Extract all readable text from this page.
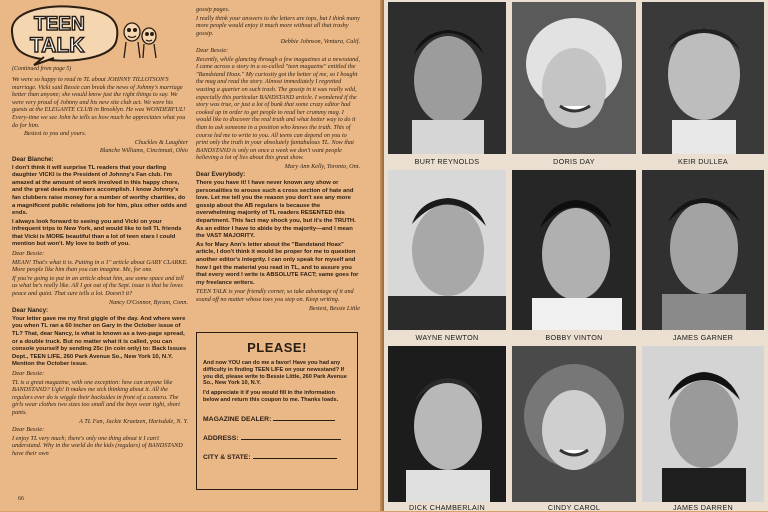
TEEN
TALK
(Continued from page 5)

We were so happy to read in TL about JOHNNY TILLOTSON'S marriage. Vicki said Bessie can break the news of Johnny's marriage better than anyone; she would know just the right things to say. We were very proud of Johnny and his new site club act. We were his guests at the ELEGANTE CLUB in Brooklyn. He was WONDERFUL! Every-time we see John he tells us how much he appreciates what you do for him.

Bestest to you and yours.

Chuckles & Laughter

Blanche Williams, Cincinnati, Ohio

Dear Blanche:

I don't think it will surprise TL readers that your darling daughter VICKI is the President of Johnny's Fan club. I'm amazed at the amount of work involved in this happy chore, and the great deeds members accomplish. I know Johnny's fan clubbers raise money for a number of worthy charities, do a magnificent public relations job for him, plus other odds and ends.

I always look forward to seeing you and Vicki on your infrequent trips to New York, and would like to tell TL friends that Vicki is MORE beautiful than a lot of teen stars I could mention but won't. My love to both of you.

Dear Bessie:

MEAN! That's what it is. Putting in a 1" article about GARY CLARKE. More people like him than you can imagine. Me, for one.

If you're going to put in an article about him, use some space and tell us what he's really like. All I got out of the Sept. issue is that he loves peace and quiet. That sure tells a lot. Doesn't it?

Nancy O'Connor, Byram, Conn.

Dear Nancy:

Your letter gave me my first giggle of the day. And where were you when TL ran a 60 incher on Gary in the October issue of TL? That, dear Nancy, is what is known as a two-page spread, or a double truck. But no matter what it is called, you can console yourself by sending 25c (in coin only) to: Back Issues Dept., TEEN LIFE, 260 Park Avenue So., New York 10, N.Y. Mention the October issue.

Dear Bessie:

TL is a great magazine, with one exception: how can anyone like BANDSTAND? Ugh! It makes me sick thinking about it. All the regulars ever do is wiggle their backsides in front of a camera. The girls wear clothes two sizes too small and the boys wear tight, short pants.

A TL Fan, Jackie Kraetzen, Hartsdale, N. Y.

Dear Bessie:

I enjoy TL very much; there's only one thing about it I can't understand. Why in the world do the kids (regulars) of BANDSTAND have their own

gossip pages.

I really think your answers to the letters are tops, but I think many more people would enjoy it much more without all that trashy gossip.

Debbie Johnson, Ventura, Calif.

Dear Bessie:

Recently, while glancing through a few magazines at a newsstand, I came across a story in a so-called "teen magazine" entitled the "Bandstand Hoax." My curiosity got the better of me, so I bought the mag and read the story. Almost immediately I regretted wasting a quarter on such trash. The gossip in it was really wild, especially this particular BANDSTAND article. I wondered if the story was true, or just a lot of bunk that some crazy editor had cooked up in order to get people to read her crummy mag. I would like to discover the real truth and what better way to do it than to ask someone in a position who knows the truth. This of course led me to write to you. All teens can depend on you to print only the truth in your absolutely fantabulous TL. Now that BANDSTAND is only on once a week we don't want people believing a lot of lies about this great show.

Mary Ann Kelly, Toronto, Ont.

Dear Everybody:

There you have it! I have never known any show or personalities to arouse such a cross section of hate and love. Let me tell you the reason you don't see any more gossip about the AB regulars is because the overwhelming majority of TL readers RESENTED this department. This fact may shock you, but it's the TRUTH. As an editor I have to abide by the majority—and I mean the VAST MAJORITY.

As for Mary Ann's letter about the "Bandstand Hoax" article, I don't think it would be proper for me to question another editor's integrity. I can only speak for myself and how I get the material you read in TL, and to assure you that every word I write is ABSOLUTE FACT; same goes for my freelance writers.

TEEN TALK is your friendly corner, so take advantage of it and sound off no matter whose toes you step on. Keep writing.

Bestest, Bessie Little

PLEASE!

And now YOU can do me a favor! Have you had any difficulty in finding TEEN LIFE on your newsstand? If you did, please write to Bessie Little, 260 Park Avenue So., New York 10, N.Y.

I'd appreciate it if you would fill in the information below and return this coupon to me. Thanks loads.

MAGAZINE DEALER:
ADDRESS:
CITY & STATE:
66
BURT REYNOLDS	DORIS DAY	KEIR DULLEA
WAYNE NEWTON	BOBBY VINTON	JAMES GARNER
DICK CHAMBERLAIN	CINDY CAROL	JAMES DARREN
